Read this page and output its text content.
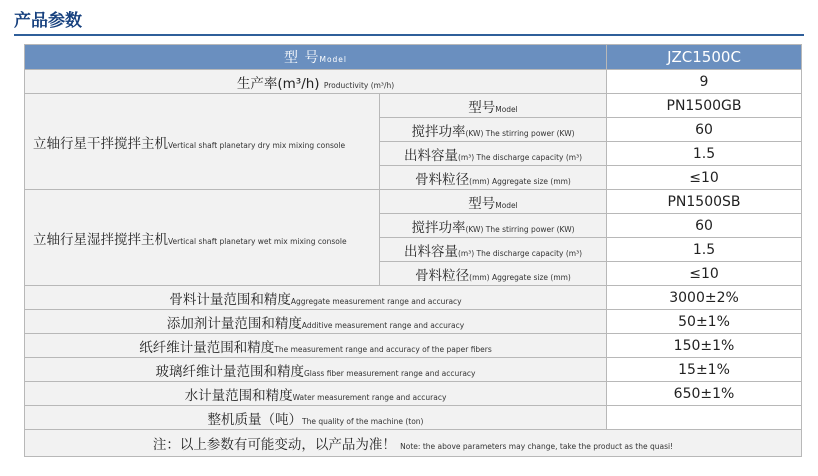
产品参数
型 号Model		JZC1500C
生产率(m³/h) Productivity (m³/h)		9
立轴行星干拌搅拌主机Vertical shaft planetary dry mix mixing console	型号Model	PN1500GB
	搅拌功率(KW) The stirring power (KW)	60
	出料容量(m³) The discharge capacity (m³)	1.5
	骨料粒径(mm) Aggregate size (mm)	≤10
立轴行星湿拌搅拌主机Vertical shaft planetary wet mix mixing console	型号Model	PN1500SB
	搅拌功率(KW) The stirring power (KW)	60
	出料容量(m³) The discharge capacity (m³)	1.5
	骨料粒径(mm) Aggregate size (mm)	≤10
骨料计量范围和精度Aggregate measurement range and accuracy		3000±2%
添加剂计量范围和精度Additive measurement range and accuracy		50±1%
纸纤维计量范围和精度The measurement range and accuracy of the paper fibers		150±1%
玻璃纤维计量范围和精度Glass fiber measurement range and accuracy		15±1%
水计量范围和精度Water measurement range and accuracy		650±1%
整机质量（吨）The quality of the machine (ton)		
注：以上参数有可能变动，以产品为准！ Note: the above parameters may change, take the product as the quasi!		
